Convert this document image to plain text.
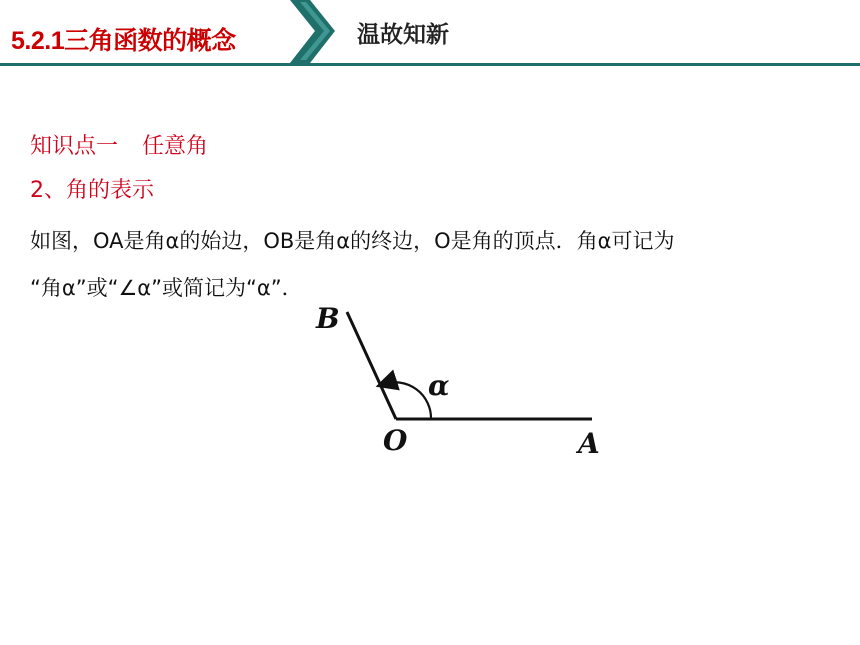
5.2.1三角函数的概念	温故知新
知识点一 任意角
2、角的表示
如图，OA是角α的始边，OB是角α的终边，O是角的顶点．角α可记为
“角α”或“∠α”或简记为“α”．
B
O	A
α
